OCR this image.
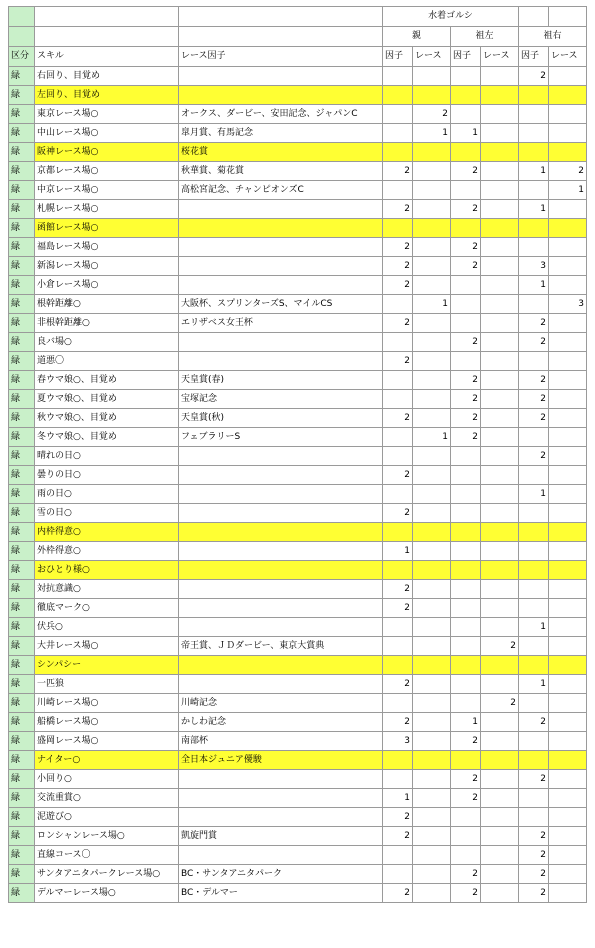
			水着ゴルシ					
			親		祖左		祖右	
区分	スキル	レース因子	因子	レース	因子	レース	因子	レース
緑	右回り、目覚め						2	
緑	左回り、目覚め							
緑	東京レース場○	オークス、ダービー、安田記念、ジャパンC		2				
緑	中山レース場○	皐月賞、有馬記念		1	1			
緑	阪神レース場○	桜花賞						
緑	京都レース場○	秋華賞、菊花賞	2		2		1	2
緑	中京レース場○	高松宮記念、チャンピオンズC						1
緑	札幌レース場○		2		2		1	
緑	函館レース場○							
緑	福島レース場○		2		2			
緑	新潟レース場○		2		2		3	
緑	小倉レース場○		2				1	
緑	根幹距離○	大阪杯、スプリンターズS、マイルCS		1				3
緑	非根幹距離○	エリザベス女王杯	2				2	
緑	良バ場○				2		2	
緑	道悪〇		2					
緑	春ウマ娘○、目覚め	天皇賞(春)			2		2	
緑	夏ウマ娘○、目覚め	宝塚記念			2		2	
緑	秋ウマ娘○、目覚め	天皇賞(秋)	2		2		2	
緑	冬ウマ娘○、目覚め	フェブラリーS		1	2			
緑	晴れの日○						2	
緑	曇りの日○		2					
緑	雨の日○						1	
緑	雪の日○		2					
緑	内枠得意○							
緑	外枠得意○		1					
緑	おひとり様○							
緑	対抗意識○		2					
緑	徹底マーク○		2					
緑	伏兵○						1	
緑	大井レース場○	帝王賞、ＪＤダービー、東京大賞典				2		
緑	シンパシー							
緑	一匹狼		2				1	
緑	川崎レース場○	川崎記念				2		
緑	船橋レース場○	かしわ記念	2		1		2	
緑	盛岡レース場○	南部杯	3		2			
緑	ナイター○	全日本ジュニア優駿						
緑	小回り○				2		2	
緑	交流重賞○		1		2			
緑	泥遊び○		2					
緑	ロンシャンレース場○	凱旋門賞	2				2	
緑	直線コース〇						2	
緑	サンタアニタパークレース場○	BC・サンタアニタパーク			2		2	
緑	デルマーレース場○	BC・デルマー	2		2		2	
